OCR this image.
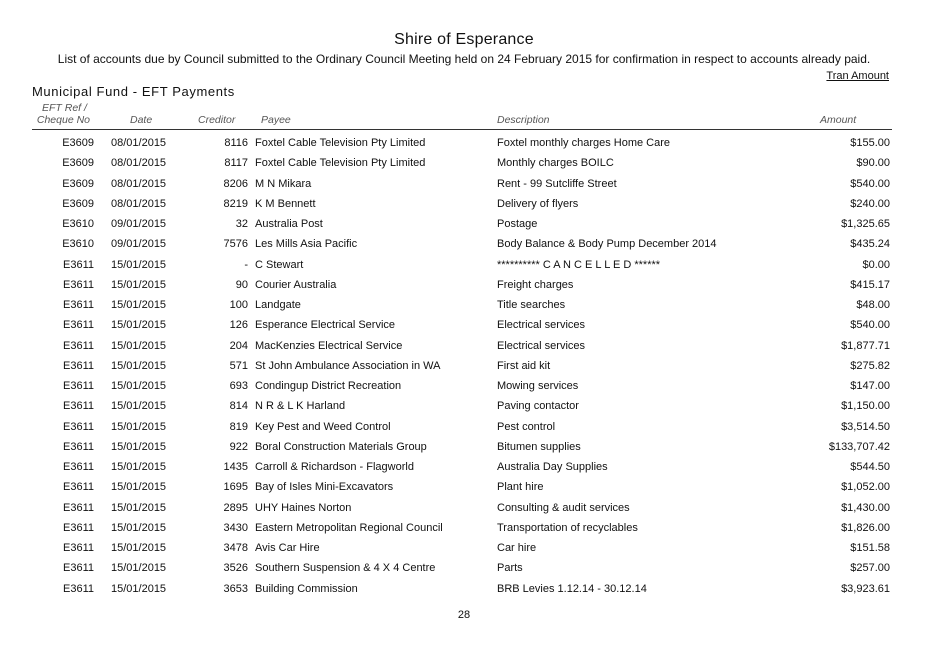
Shire of Esperance
List of accounts due by Council submitted to the Ordinary Council Meeting held on 24 February 2015 for confirmation in respect to accounts already paid.
Tran Amount
Municipal Fund - EFT Payments
EFT Ref /
Cheque No	Date	Creditor Payee	Description	Amount
E3609 08/01/2015	8116 Foxtel Cable Television Pty Limited	Foxtel monthly charges Home Care	$155.00
E3609 08/01/2015	8117 Foxtel Cable Television Pty Limited	Monthly charges BOILC	$90.00
E3609 08/01/2015	8206 M N Mikara	Rent - 99 Sutcliffe Street	$540.00
E3609 08/01/2015	8219 K M Bennett	Delivery of flyers	$240.00
E3610 09/01/2015	32 Australia Post	Postage	$1,325.65
E3610 09/01/2015	7576 Les Mills Asia Pacific	Body Balance & Body Pump December 2014	$435.24
E3611 15/01/2015	- C Stewart	********** C A N C E L L E D ******	$0.00
E3611 15/01/2015	90 Courier Australia	Freight charges	$415.17
E3611 15/01/2015	100 Landgate	Title searches	$48.00
E3611 15/01/2015	126 Esperance Electrical Service	Electrical services	$540.00
E3611 15/01/2015	204 MacKenzies Electrical Service	Electrical services	$1,877.71
E3611 15/01/2015	571 St John Ambulance Association in WA	First aid kit	$275.82
E3611 15/01/2015	693 Condingup District Recreation	Mowing services	$147.00
E3611 15/01/2015	814 N R & L K Harland	Paving contactor	$1,150.00
E3611 15/01/2015	819 Key Pest and Weed Control	Pest control	$3,514.50
E3611 15/01/2015	922 Boral Construction Materials Group	Bitumen supplies	$133,707.42
E3611 15/01/2015	1435 Carroll & Richardson - Flagworld	Australia Day Supplies	$544.50
E3611 15/01/2015	1695 Bay of Isles Mini-Excavators	Plant hire	$1,052.00
E3611 15/01/2015	2895 UHY Haines Norton	Consulting & audit services	$1,430.00
E3611 15/01/2015	3430 Eastern Metropolitan Regional Council	Transportation of recyclables	$1,826.00
E3611 15/01/2015	3478 Avis Car Hire	Car hire	$151.58
E3611 15/01/2015	3526 Southern Suspension & 4 X 4 Centre	Parts	$257.00
E3611 15/01/2015	3653 Building Commission	BRB Levies 1.12.14 - 30.12.14	$3,923.61
28
